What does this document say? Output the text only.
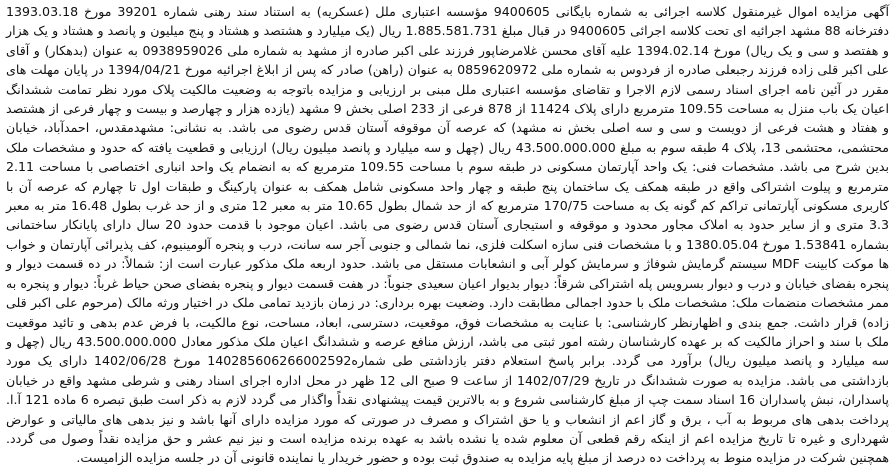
آگهی مزایده اموال غیرمنقول کلاسه اجرائی به شماره بایگانی 9400605 مؤسسه اعتباری ملل (عسکریه) به استناد سند رهنی شماره 39201 مورخ 1393.03.18 دفترخانه 88 مشهد اجرائیه ای تحت کلاسه اجرائی 9400605 در قبال مبلغ 1.885.581.731 ریال (یک میلیارد و هشتصد و هشتاد و پنج میلیون و پانصد و هشتاد و یک هزار و هفتصد و سی و یک ریال) مورخ 1394.02.14 علیه آقای محسن غلامرضاپور فرزند علی اکبر صادره از مشهد به شماره ملی 0938959026 به عنوان (بدهکار) و آقای علی اکبر قلی زاده فرزند رجبعلی صادره از فردوس به شماره ملی 0859620972 به عنوان (راهن) صادر که پس از ابلاغ اجرائیه مورخ 1394/04/21 در پایان مهلت های مقرر در آئین نامه اجرای اسناد رسمی لازم الاجرا و تقاضای مؤسسه اعتباری ملل مبنی بر ارزیابی و مزایده باتوجه به وضعیت مالکیت پلاک مورد نظر تمامت ششدانگ اعیان یک باب منزل به مساحت 109.55 مترمربع دارای پلاک 11424 از 878 فرعی از 233 اصلی بخش 9 مشهد (یازده هزار و چهارصد و بیست و چهار فرعی از هشتصد و هفتاد و هشت فرعی از دویست و سی و سه اصلی بخش نه مشهد) که عرصه آن موقوفه آستان قدس رضوی می باشد. به نشانی: مشهدمقدس، احمدآباد، خیابان محتشمی، محتشمی 13، پلاک 4 طبقه سوم به مبلغ 43.500.000.000 ریال (چهل و سه میلیارد و پانصد میلیون ریال) ارزیابی و قطعیت یافته که حدود و مشخصات ملک بدین شرح می باشد. مشخصات فنی: یک واحد آپارتمان مسکونی در طبقه سوم با مساحت 109.55 مترمربع که به انضمام یک واحد انباری اختصاصی با مساحت 2.11 مترمربع و پیلوت اشتراکی واقع در طبقه همکف یک ساختمان پنج طبقه و چهار واحد مسکونی شامل همکف به عنوان پارکینگ و طبقات اول تا چهارم که عرصه آن با کاربری مسکونی آپارتمانی تراکم کم گونه یک به مساحت 170/75 مترمربع که از حد شمال بطول 10.65 متر به معبر 12 متری و از حد غرب بطول 16.48 متر به معبر 3.3 متری و از سایر حدود به املاک مجاور محدود و موقوفه و استیجاری آستان قدس رضوی می باشد. اعیان موجود با قدمت حدود 20 سال دارای پایانکار ساختمانی بشماره 1.53841 مورخ 1380.05.04 و با مشخصات فنی سازه اسکلت فلزی، نما شمالی و جنوبی آجر سه سانت، درب و پنجره آلومینیوم، کف پذیرائی آپارتمان و خواب ها موکت کابینت MDF سیستم گرمایش شوفاژ و سرمایش کولر آبی و انشعابات مستقل می باشد. حدود اربعه ملک مذکور عبارت است از: شمالاً: در ده قسمت دیوار و پنجره بفضای خیابان و درب و دیوار بسرویس پله اشتراکی شرقاً: دیوار بدیوار اعیان سعیدی جنوباً: در هفت قسمت دیوار و پنجره بفضای صحن حیاط غرباً: دیوار و پنجره به ممر مشخصات منضمات ملک: مشخصات ملک با حدود اجمالی مطابقت دارد. وضعیت بهره برداری: در زمان بازدید تمامی ملک در اختیار ورثه مالک (مرحوم علی اکبر قلی زاده) قرار داشت. جمع بندی و اظهارنظر کارشناسی: با عنایت به مشخصات فوق، موقعیت، دسترسی، ابعاد، مساحت، نوع مالکیت، با فرض عدم بدهی و تائید موقعیت ملک با سند و احراز مالکیت که بر عهده کارشناسان رشته امور ثبتی می باشد، ارزش منافع عرصه و ششدانگ اعیان ملک مذکور معادل 43.500.000.000 ریال (چهل و سه میلیارد و پانصد میلیون ریال) برآورد می گردد. برابر پاسخ استعلام دفتر بازداشتی طی شماره140285606266002592 مورخ 1402/06/28 دارای یک مورد بازداشتی می باشد. مزایده به صورت ششدانگ در تاریخ 1402/07/29 از ساعت 9 صبح الی 12 ظهر در محل اداره اجرای اسناد رهنی و شرطی مشهد واقع در خیابان پاسداران، نبش پاسداران 16 اسناد سمت چپ از مبلغ کارشناسی شروع و به بالاترین قیمت پیشنهادی نقداً واگذار می گردد لازم به ذکر است طبق تبصره 6 ماده 121 آ.ا. پرداخت بدهی های مربوط به آب ، برق و گاز اعم از انشعاب و یا حق اشتراک و مصرف در صورتی که مورد مزایده دارای آنها باشد و نیز بدهی های مالیاتی و عوارض شهرداری و غیره تا تاریخ مزایده اعم از اینکه رقم قطعی آن معلوم شده یا نشده باشد به عهده برنده مزایده است و نیز نیم عشر و حق مزایده نقداً وصول می گردد. همچنین شرکت در مزایده منوط به پرداخت ده درصد از مبلغ پایه مزایده به صندوق ثبت بوده و حضور خریدار یا نماینده قانونی آن در جلسه مزایده الزامیست.
